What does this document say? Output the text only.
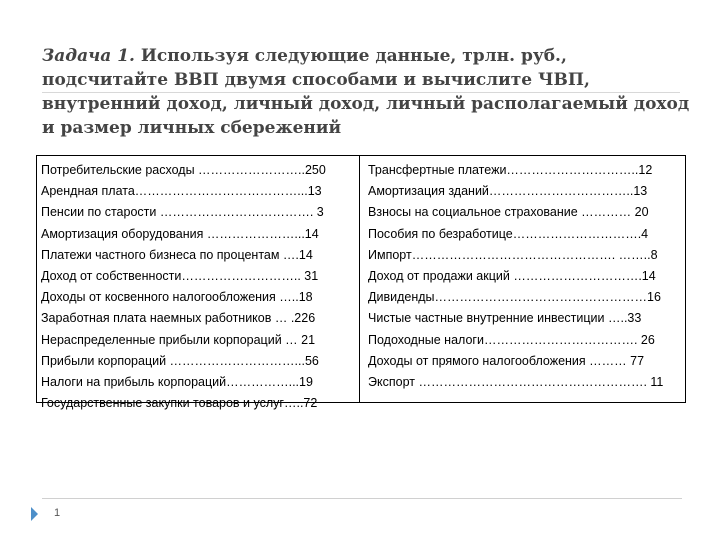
Задача 1. Используя следующие данные, трлн. руб., подсчитайте ВВП двумя способами и вычислите ЧВП, внутренний доход, личный доход, личный располагаемый доход и размер личных сбережений
Потребительские расходы ……………………..250
Арендная плата…………………………………...13
Пенсии по старости ………………………………. 3
Амортизация оборудования …………………...14
Платежи частного бизнеса по процентам ….14
Доход от собственности……………………….. 31
Доходы от косвенного налогообложения …..18
Заработная плата наемных работников … .226
Нераспределенные прибыли корпораций … 21
Прибыли корпораций …………………………...56
Налоги на прибыль корпораций……………...19
Государственные закупки товаров и услуг…..72
Трансфертные платежи…………………………..12
Амортизация зданий……………………………..13
Взносы на социальное страхование ………… 20
Пособия по безработице………………………….4
Импорт…………………………………………. ……..8
Доход от продажи акций ………………………….14
Дивиденды……………………………………………16
Чистые частные внутренние инвестиции …..33
Подоходные налоги………………………………. 26
Доходы от прямого налогообложения ……… 77
Экспорт ………………………………………………. 11
1
